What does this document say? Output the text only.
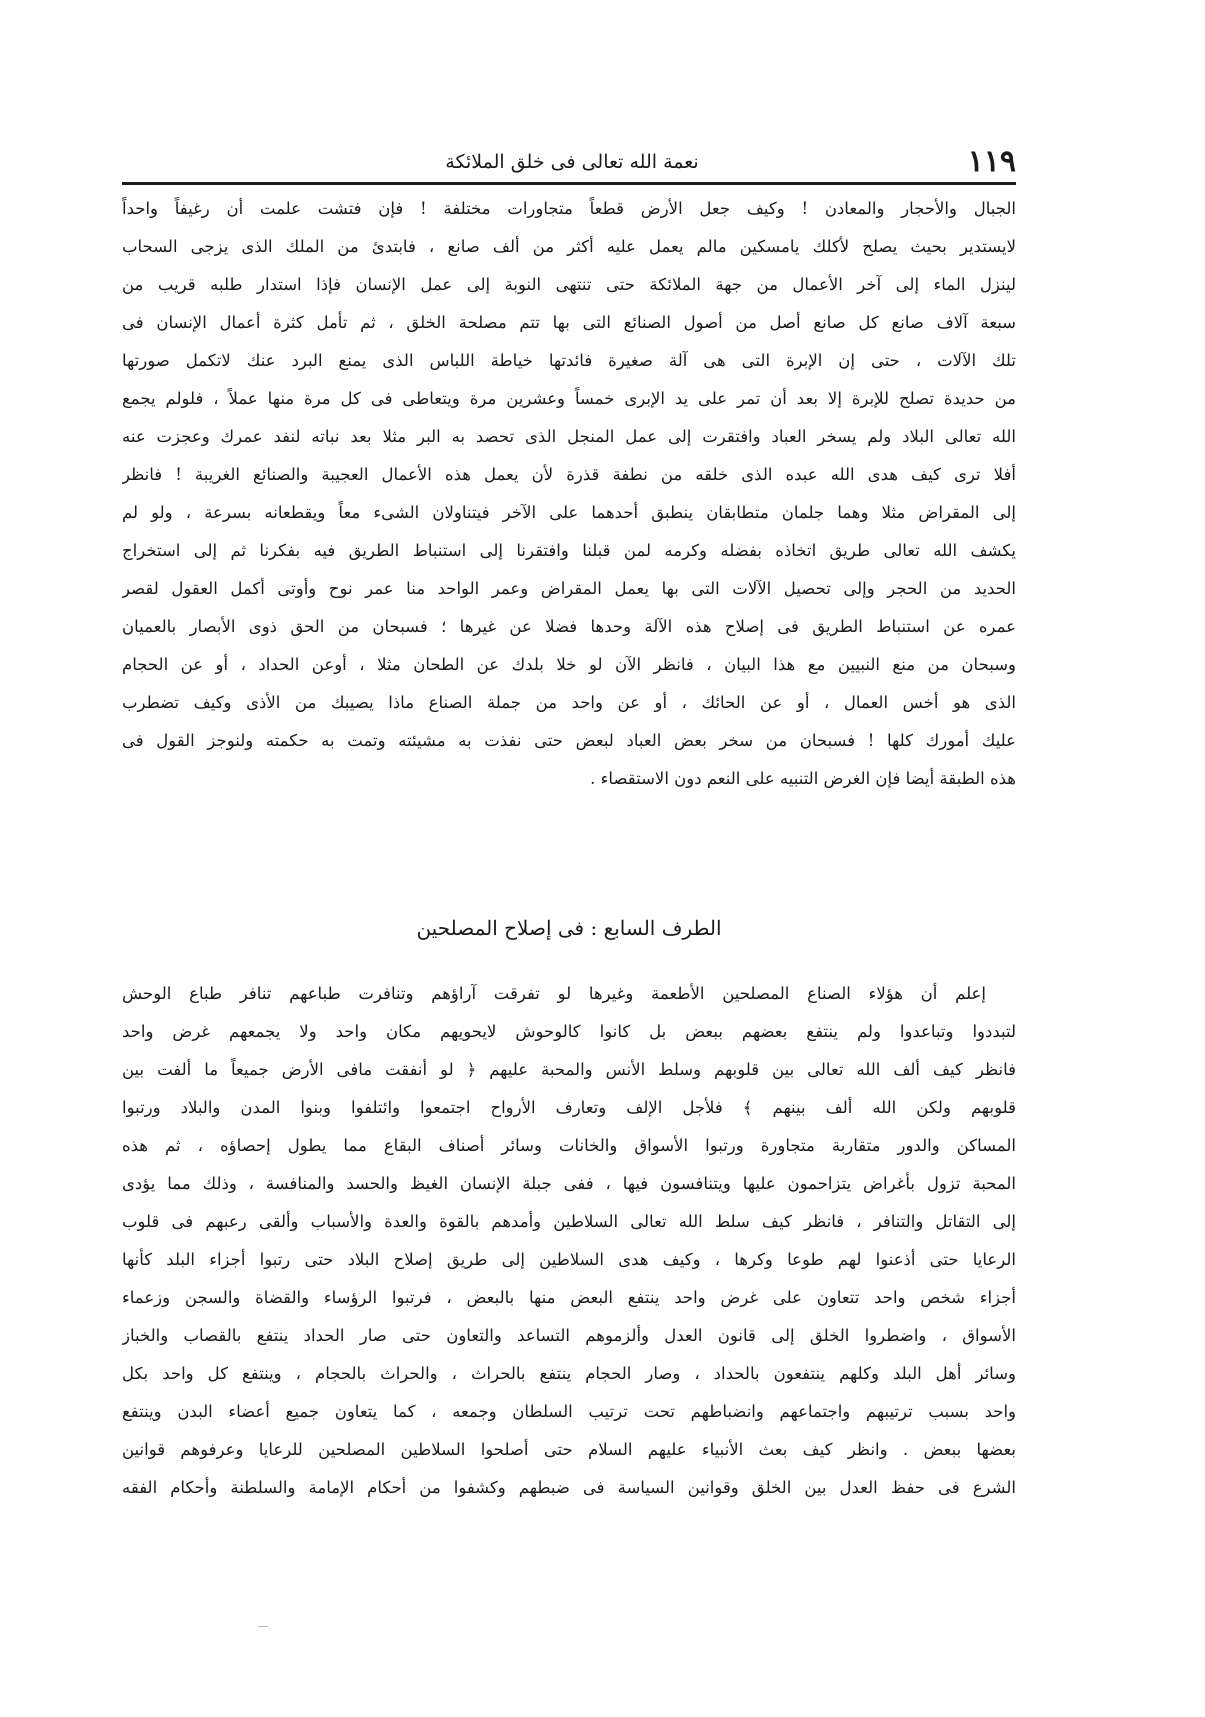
١١٩
نعمة الله تعالى فى خلق الملائكة
الجبال والأحجار والمعادن ! وكيف جعل الأرض قطعاً متجاورات مختلفة ! فإن فتشت علمت أن رغيفاً واحداً
لايستدير بحيث يصلح لأكلك يامسكين مالم يعمل عليه أكثر من ألف صانع ، فابتدئ من الملك الذى يزجى السحاب
لينزل الماء إلى آخر الأعمال من جهة الملائكة حتى تنتهى النوبة إلى عمل الإنسان فإذا استدار طلبه قريب من
سبعة آلاف صانع كل صانع أصل من أصول الصنائع التى بها تتم مصلحة الخلق ، ثم تأمل كثرة أعمال الإنسان فى
تلك الآلات ، حتى إن الإبرة التى هى آلة صغيرة فائدتها خياطة اللباس الذى يمنع البرد عنك لاتكمل صورتها
من حديدة تصلح للإبرة إلا بعد أن تمر على يد الإبرى خمساً وعشرين مرة ويتعاطى فى كل مرة منها عملاً ، فلولم يجمع
الله تعالى البلاد ولم يسخر العباد وافتقرت إلى عمل المنجل الذى تحصد به البر مثلا بعد نباته لنفد عمرك وعجزت عنه
أفلا ترى كيف هدى الله عبده الذى خلقه من نطفة قذرة لأن يعمل هذه الأعمال العجيبة والصنائع الغريبة ! فانظر
إلى المقراض مثلا وهما جلمان متطابقان ينطبق أحدهما على الآخر فيتناولان الشىء معاً ويقطعانه بسرعة ، ولو لم
يكشف الله تعالى طريق اتخاذه بفضله وكرمه لمن قبلنا وافتقرنا إلى استنباط الطريق فيه بفكرنا ثم إلى استخراج
الحديد من الحجر وإلى تحصيل الآلات التى بها يعمل المقراض وعمر الواحد منا عمر نوح وأوتى أكمل العقول لقصر
عمره عن استنباط الطريق فى إصلاح هذه الآلة وحدها فضلا عن غيرها ؛ فسبحان من الحق ذوى الأبصار بالعميان
وسبحان من منع النبيين مع هذا البيان ، فانظر الآن لو خلا بلدك عن الطحان مثلا ، أوعن الحداد ، أو عن الحجام
الذى هو أخس العمال ، أو عن الحائك ، أو عن واحد من جملة الصناع ماذا يصيبك من الأذى وكيف تضطرب
عليك أمورك كلها ! فسبحان من سخر بعض العباد لبعض حتى نفذت به مشيئته وتمت به حكمته ولنوجز القول فى
هذه الطبقة أيضا فإن الغرض التنبيه على النعم دون الاستقصاء .
الطرف السابع : فى إصلاح المصلحين
إعلم أن هؤلاء الصناع المصلحين الأطعمة وغيرها لو تفرقت آراؤهم وتنافرت طباعهم تنافر طباع الوحش
لتبددوا وتباعدوا ولم ينتفع بعضهم ببعض بل كانوا كالوحوش لايحويهم مكان واحد ولا يجمعهم غرض واحد
فانظر كيف ألف الله تعالى بين قلوبهم وسلط الأنس والمحبة عليهم ﴿ لو أنفقت مافى الأرض جميعاً ما ألفت بين
قلوبهم ولكن الله ألف بينهم ﴾ فلأجل الإلف وتعارف الأرواح اجتمعوا وائتلفوا وبنوا المدن والبلاد ورتبوا
المساكن والدور متقاربة متجاورة ورتبوا الأسواق والخانات وسائر أصناف البقاع مما يطول إحصاؤه ، ثم هذه
المحبة تزول بأغراض يتزاحمون عليها ويتنافسون فيها ، ففى جبلة الإنسان الغيظ والحسد والمنافسة ، وذلك مما يؤدى
إلى التقاتل والتنافر ، فانظر كيف سلط الله تعالى السلاطين وأمدهم بالقوة والعدة والأسباب وألقى رعبهم فى قلوب
الرعايا حتى أذعنوا لهم طوعا وكرها ، وكيف هدى السلاطين إلى طريق إصلاح البلاد حتى رتبوا أجزاء البلد كأنها
أجزاء شخص واحد تتعاون على غرض واحد ينتفع البعض منها بالبعض ، فرتبوا الرؤساء والقضاة والسجن وزعماء
الأسواق ، واضطروا الخلق إلى قانون العدل وألزموهم التساعد والتعاون حتى صار الحداد ينتفع بالقصاب والخباز
وسائر أهل البلد وكلهم ينتفعون بالحداد ، وصار الحجام ينتفع بالحراث ، والحراث بالحجام ، وينتفع كل واحد بكل
واحد بسبب ترتيبهم واجتماعهم وانضباطهم تحت ترتيب السلطان وجمعه ، كما يتعاون جميع أعضاء البدن وينتفع
بعضها ببعض . وانظر كيف بعث الأنبياء عليهم السلام حتى أصلحوا السلاطين المصلحين للرعايا وعرفوهم قوانين
الشرع فى حفظ العدل بين الخلق وقوانين السياسة فى ضبطهم وكشفوا من أحكام الإمامة والسلطنة وأحكام الفقه
